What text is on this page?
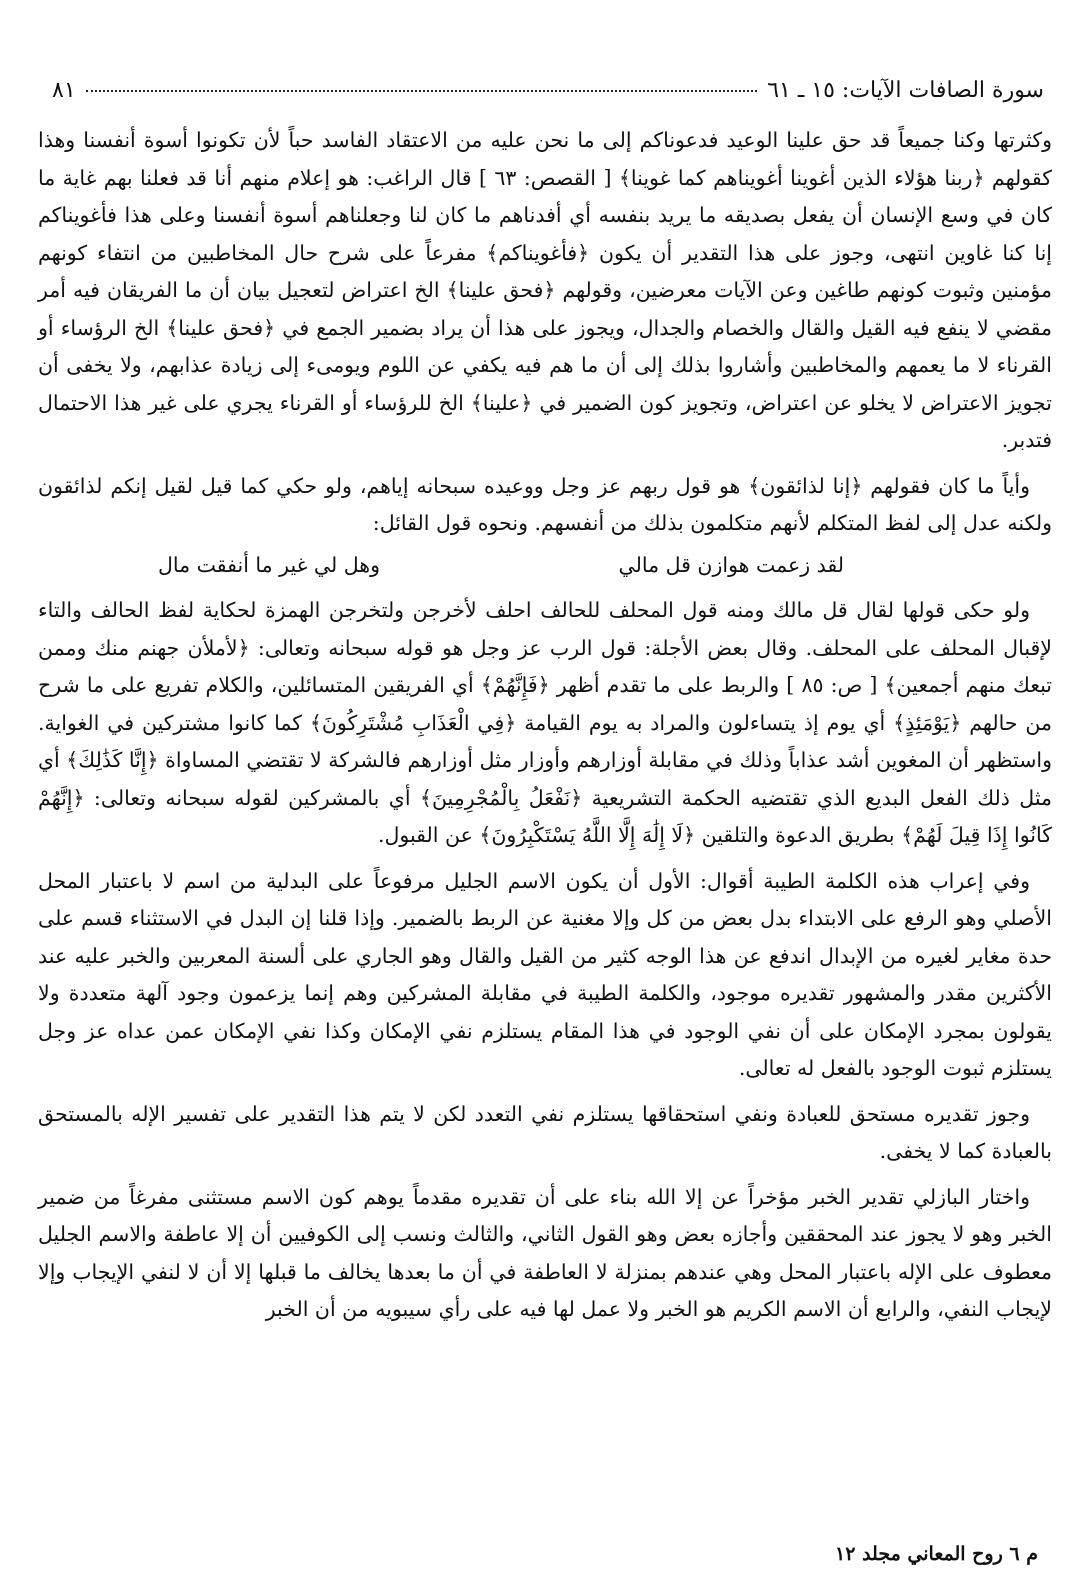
سورة الصافات الآيات: ١٥ ـ ٦١
٨١

وكثرتها وكنا جميعاً قد حق علينا الوعيد فدعوناكم إلى ما نحن عليه من الاعتقاد الفاسد حباً لأن تكونوا أسوة أنفسنا وهذا كقولهم ﴿ربنا هؤلاء الذين أغوينا أغويناهم كما غوينا﴾ [ القصص: ٦٣ ] قال الراغب: هو إعلام منهم أنا قد فعلنا بهم غاية ما كان في وسع الإنسان أن يفعل بصديقه ما يريد بنفسه أي أفدناهم ما كان لنا وجعلناهم أسوة أنفسنا وعلى هذا فأغويناكم إنا كنا غاوين انتهى، وجوز على هذا التقدير أن يكون ﴿فأغويناكم﴾ مفرعاً على شرح حال المخاطبين من انتفاء كونهم مؤمنين وثبوت كونهم طاغين وعن الآيات معرضين، وقولهم ﴿فحق علينا﴾ الخ اعتراض لتعجيل بيان أن ما الفريقان فيه أمر مقضي لا ينفع فيه القيل والقال والخصام والجدال، ويجوز على هذا أن يراد بضمير الجمع في ﴿فحق علينا﴾ الخ الرؤساء أو القرناء لا ما يعمهم والمخاطبين وأشاروا بذلك إلى أن ما هم فيه يكفي عن اللوم ويومىء إلى زيادة عذابهم، ولا يخفى أن تجويز الاعتراض لا يخلو عن اعتراض، وتجويز كون الضمير في ﴿علينا﴾ الخ للرؤساء أو القرناء يجري على غير هذا الاحتمال فتدبر.

وأياً ما كان فقولهم ﴿إنا لذائقون﴾ هو قول ربهم عز وجل ووعيده سبحانه إياهم، ولو حكي كما قيل لقيل إنكم لذائقون ولكنه عدل إلى لفظ المتكلم لأنهم متكلمون بذلك من أنفسهم. ونحوه قول القائل:

لقد زعمت هوازن قل مالي
وهل لي غير ما أنفقت مال

ولو حكى قولها لقال قل مالك ومنه قول المحلف للحالف احلف لأخرجن ولتخرجن الهمزة لحكاية لفظ الحالف والتاء لإقبال المحلف على المحلف. وقال بعض الأجلة: قول الرب عز وجل هو قوله سبحانه وتعالى: ﴿لأملأن جهنم منك وممن تبعك منهم أجمعين﴾ [ ص: ٨٥ ] والربط على ما تقدم أظهر ﴿فَإِنَّهُمْ﴾ أي الفريقين المتسائلين، والكلام تفريع على ما شرح من حالهم ﴿يَوْمَئِذٍ﴾ أي يوم إذ يتساءلون والمراد به يوم القيامة ﴿فِي الْعَذَابِ مُشْتَرِكُونَ﴾ كما كانوا مشتركين في الغواية. واستظهر أن المغوين أشد عذاباً وذلك في مقابلة أوزارهم وأوزار مثل أوزارهم فالشركة لا تقتضي المساواة ﴿إِنَّا كَذَٰلِكَ﴾ أي مثل ذلك الفعل البديع الذي تقتضيه الحكمة التشريعية ﴿نَفْعَلُ بِالْمُجْرِمِينَ﴾ أي بالمشركين لقوله سبحانه وتعالى: ﴿إِنَّهُمْ كَانُوا إِذَا قِيلَ لَهُمْ﴾ بطريق الدعوة والتلقين ﴿لَا إِلَٰهَ إِلَّا اللَّهُ يَسْتَكْبِرُونَ﴾ عن القبول.

وفي إعراب هذه الكلمة الطيبة أقوال: الأول أن يكون الاسم الجليل مرفوعاً على البدلية من اسم لا باعتبار المحل الأصلي وهو الرفع على الابتداء بدل بعض من كل وإلا مغنية عن الربط بالضمير. وإذا قلنا إن البدل في الاستثناء قسم على حدة مغاير لغيره من الإبدال اندفع عن هذا الوجه كثير من القيل والقال وهو الجاري على ألسنة المعربين والخبر عليه عند الأكثرين مقدر والمشهور تقديره موجود، والكلمة الطيبة في مقابلة المشركين وهم إنما يزعمون وجود آلهة متعددة ولا يقولون بمجرد الإمكان على أن نفي الوجود في هذا المقام يستلزم نفي الإمكان وكذا نفي الإمكان عمن عداه عز وجل يستلزم ثبوت الوجود بالفعل له تعالى.

وجوز تقديره مستحق للعبادة ونفي استحقاقها يستلزم نفي التعدد لكن لا يتم هذا التقدير على تفسير الإله بالمستحق بالعبادة كما لا يخفى.

واختار البازلي تقدير الخبر مؤخراً عن إلا الله بناء على أن تقديره مقدماً يوهم كون الاسم مستثنى مفرغاً من ضمير الخبر وهو لا يجوز عند المحققين وأجازه بعض وهو القول الثاني، والثالث ونسب إلى الكوفيين أن إلا عاطفة والاسم الجليل معطوف على الإله باعتبار المحل وهي عندهم بمنزلة لا العاطفة في أن ما بعدها يخالف ما قبلها إلا أن لا لنفي الإيجاب وإلا لإيجاب النفي، والرابع أن الاسم الكريم هو الخبر ولا عمل لها فيه على رأي سيبويه من أن الخبر

م ٦ روح المعاني مجلد ١٢
